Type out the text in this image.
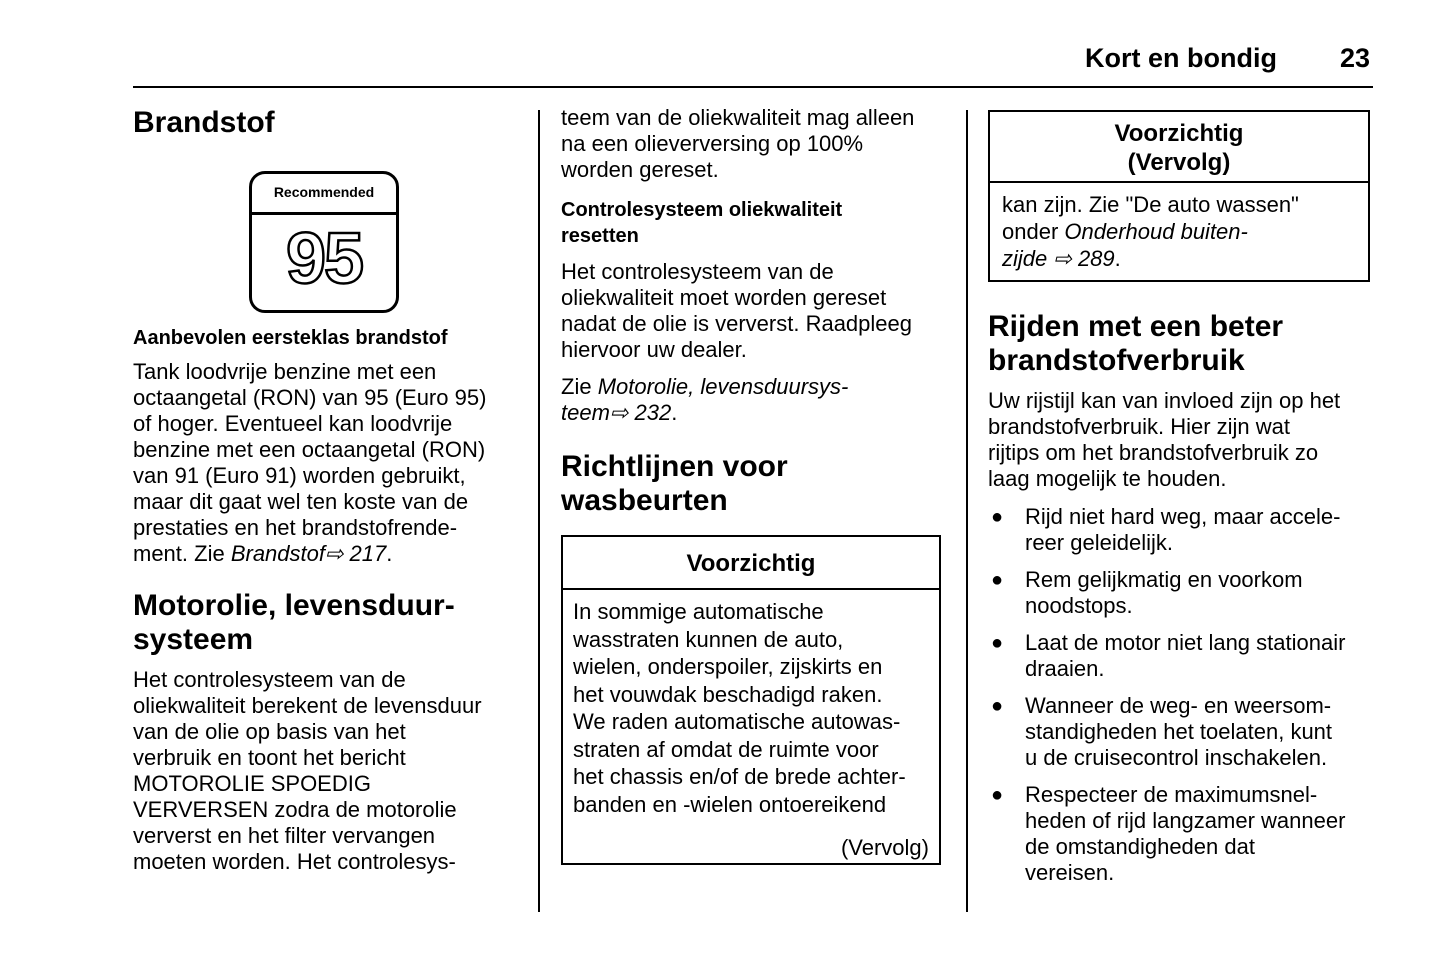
Kort en bondig 23
Brandstof
Recommended
95
Aanbevolen eersteklas brandstof
Tank loodvrije benzine met een
octaangetal (RON) van 95 (Euro 95)
of hoger. Eventueel kan loodvrije
benzine met een octaangetal (RON)
van 91 (Euro 91) worden gebruikt,
maar dit gaat wel ten koste van de
prestaties en het brandstofrende-
ment. Zie Brandstof⇨ 217.
Motorolie, levensduur-
systeem
Het controlesysteem van de
oliekwaliteit berekent de levensduur
van de olie op basis van het
verbruik en toont het bericht
MOTOROLIE SPOEDIG
VERVERSEN zodra de motorolie
ververst en het filter vervangen
moeten worden. Het controlesys-
teem van de oliekwaliteit mag alleen
na een olieverversing op 100%
worden gereset.
Controlesysteem oliekwaliteit
resetten
Het controlesysteem van de
oliekwaliteit moet worden gereset
nadat de olie is ververst. Raadpleeg
hiervoor uw dealer.
Zie Motorolie, levensduursys-
teem⇨ 232.
Richtlijnen voor
wasbeurten
Voorzichtig
In sommige automatische
wasstraten kunnen de auto,
wielen, onderspoiler, zijskirts en
het vouwdak beschadigd raken.
We raden automatische autowas-
straten af omdat de ruimte voor
het chassis en/of de brede achter-
banden en -wielen ontoereikend
(Vervolg)
Voorzichtig
(Vervolg)
kan zijn. Zie "De auto wassen"
onder Onderhoud buiten-
zijde ⇨ 289.
Rijden met een beter
brandstofverbruik
Uw rijstijl kan van invloed zijn op het
brandstofverbruik. Hier zijn wat
rijtips om het brandstofverbruik zo
laag mogelijk te houden.
● Rijd niet hard weg, maar accele-
reer geleidelijk.
● Rem gelijkmatig en voorkom
noodstops.
● Laat de motor niet lang stationair
draaien.
● Wanneer de weg- en weersom-
standigheden het toelaten, kunt
u de cruisecontrol inschakelen.
● Respecteer de maximumsnel-
heden of rijd langzamer wanneer
de omstandigheden dat
vereisen.
